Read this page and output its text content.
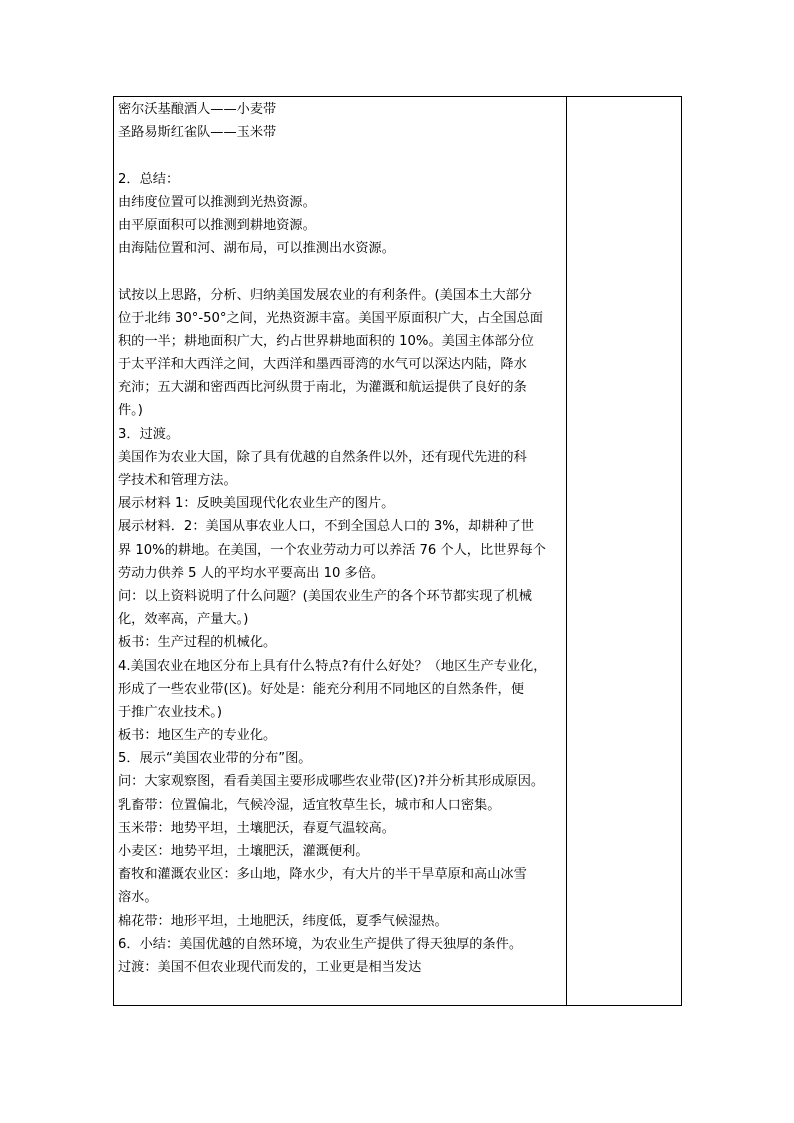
密尔沃基酿酒人——小麦带
圣路易斯红雀队——玉米带
2．总结：
由纬度位置可以推测到光热资源。
由平原面积可以推测到耕地资源。
由海陆位置和河、湖布局，可以推测出水资源。
试按以上思路，分析、归纳美国发展农业的有利条件。(美国本土大部分
位于北纬 30°-50°之间，光热资源丰富。美国平原面积广大，占全国总面
积的一半；耕地面积广大，约占世界耕地面积的 10%。美国主体部分位
于太平洋和大西洋之间，大西洋和墨西哥湾的水气可以深达内陆，降水
充沛；五大湖和密西西比河纵贯于南北，为灌溉和航运提供了良好的条
件。)
3．过渡。
美国作为农业大国，除了具有优越的自然条件以外，还有现代先进的科
学技术和管理方法。
展示材料 1：反映美国现代化农业生产的图片。
展示材料．2：美国从事农业人口，不到全国总人口的 3%，却耕种了世
界 10%的耕地。在美国，一个农业劳动力可以养活 76 个人，比世界每个
劳动力供养 5 人的平均水平要高出 10 多倍。
问：以上资料说明了什么问题？(美国农业生产的各个环节都实现了机械
化，效率高，产量大。)
板书：生产过程的机械化。
4.美国农业在地区分布上具有什么特点?有什么好处？（地区生产专业化，
形成了一些农业带(区)。好处是：能充分利用不同地区的自然条件，便
于推广农业技术。)
板书：地区生产的专业化。
5．展示“美国农业带的分布”图。
问：大家观察图，看看美国主要形成哪些农业带(区)?并分析其形成原因。
乳畜带：位置偏北，气候冷湿，适宜牧草生长，城市和人口密集。
玉米带：地势平坦，土壤肥沃，春夏气温较高。
小麦区：地势平坦，土壤肥沃，灌溉便利。
畜牧和灌溉农业区：多山地，降水少，有大片的半干旱草原和高山冰雪
溶水。
棉花带：地形平坦，土地肥沃，纬度低，夏季气候湿热。
6．小结：美国优越的自然环境，为农业生产提供了得天独厚的条件。
过渡：美国不但农业现代而发的，工业更是相当发达
